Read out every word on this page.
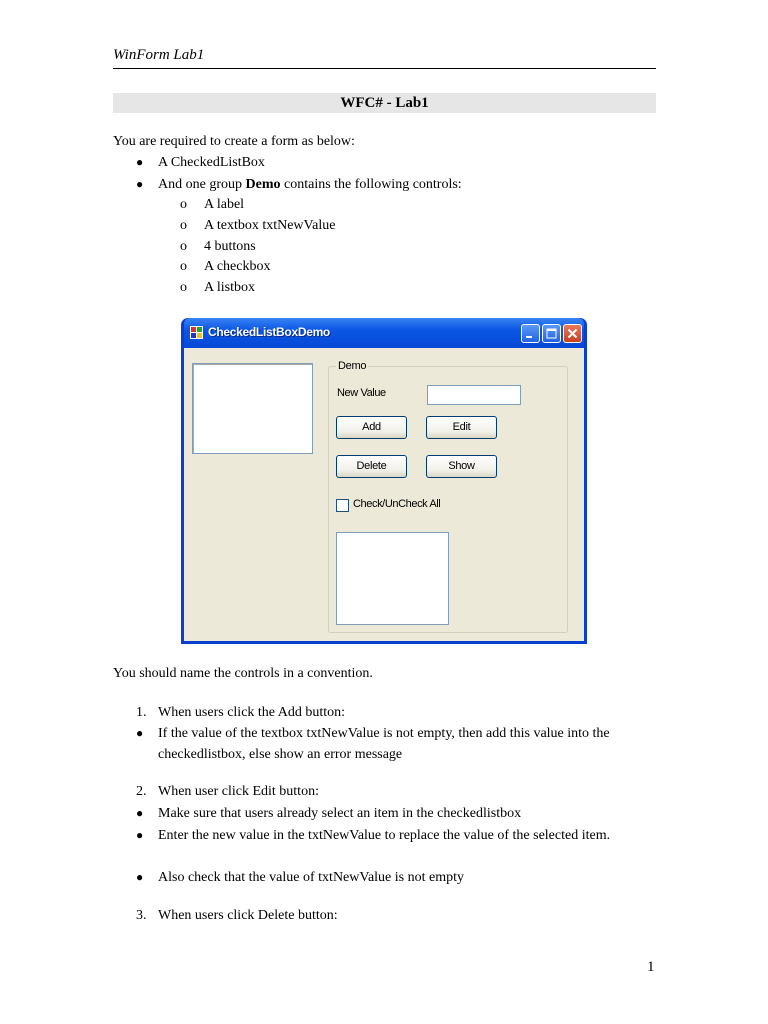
WinForm Lab1
WFC# - Lab1
You are required to create a form as below:
● A CheckedListBox
● And one group Demo contains the following controls:
o A label
o A textbox txtNewValue
o 4 buttons
o A checkbox
o A listbox
CheckedListBoxDemo
Demo
New Value
Add	Edit
Delete	Show
Check/UnCheck All
You should name the controls in a convention.
1. When users click the Add button:
●	If the value of the textbox txtNewValue is not empty, then add this value into the checkedlistbox, else show an error message
2. When user click Edit button:
●	Make sure that users already select an item in the checkedlistbox
●	Enter the new value in the txtNewValue to replace the value of the selected item.
●	Also check that the value of txtNewValue is not empty
3. When users click Delete button:
1
